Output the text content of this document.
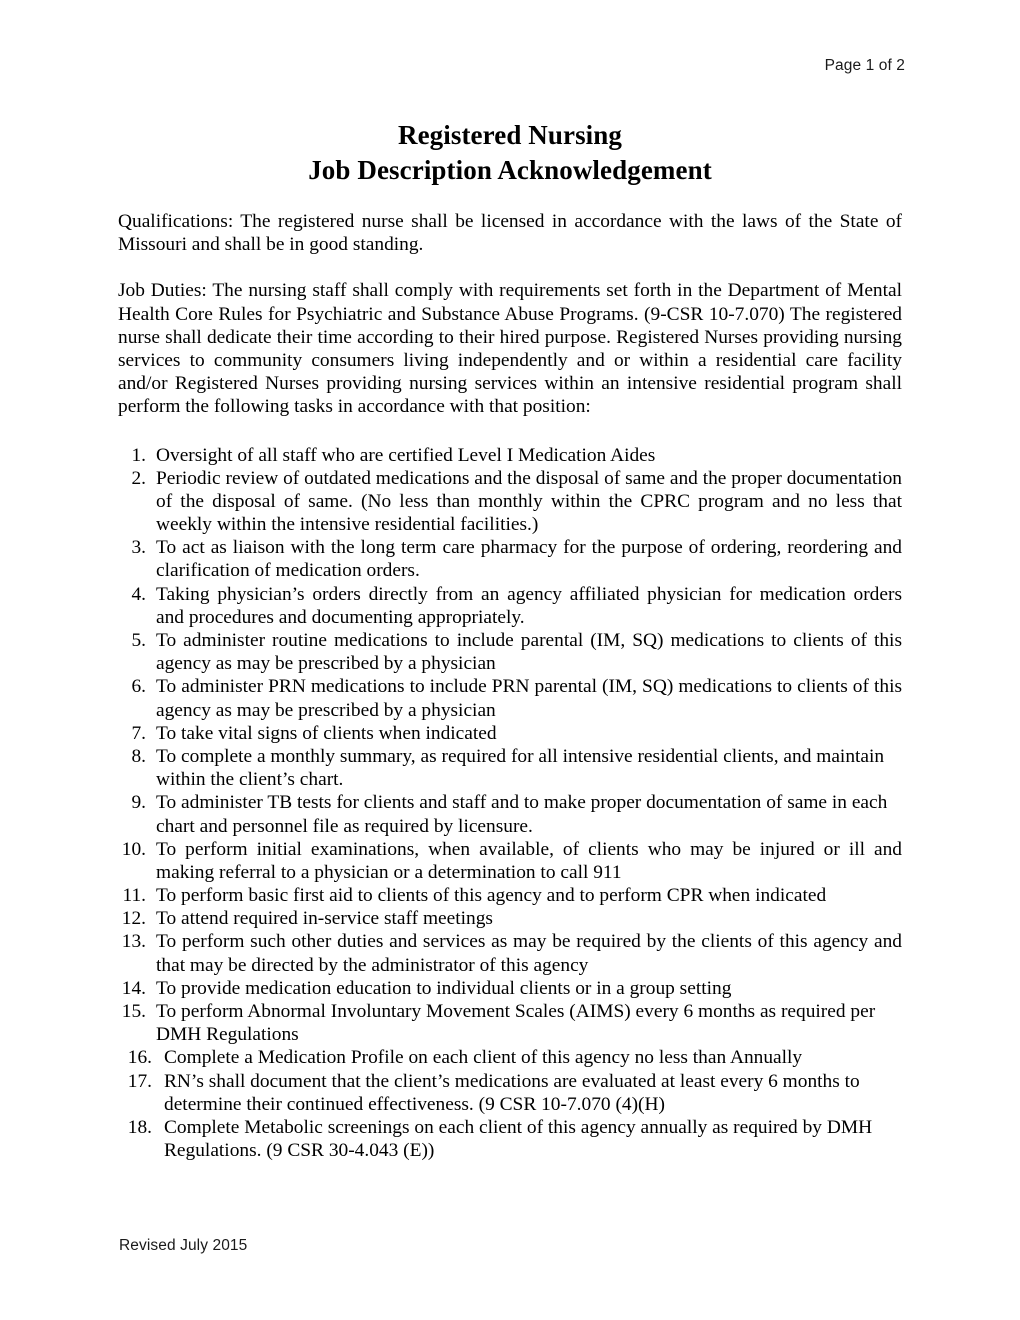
Page 1 of 2
Registered Nursing
Job Description Acknowledgement

Qualifications: The registered nurse shall be licensed in accordance with the laws of the State of Missouri and shall be in good standing.

Job Duties: The nursing staff shall comply with requirements set forth in the Department of Mental Health Core Rules for Psychiatric and Substance Abuse Programs. (9-CSR 10-7.070) The registered nurse shall dedicate their time according to their hired purpose. Registered Nurses providing nursing services to community consumers living independently and or within a residential care facility and/or Registered Nurses providing nursing services within an intensive residential program shall perform the following tasks in accordance with that position:

1. Oversight of all staff who are certified Level I Medication Aides
2. Periodic review of outdated medications and the disposal of same and the proper documentation of the disposal of same. (No less than monthly within the CPRC program and no less that weekly within the intensive residential facilities.)
3. To act as liaison with the long term care pharmacy for the purpose of ordering, reordering and clarification of medication orders.
4. Taking physician’s orders directly from an agency affiliated physician for medication orders and procedures and documenting appropriately.
5. To administer routine medications to include parental (IM, SQ) medications to clients of this agency as may be prescribed by a physician
6. To administer PRN medications to include PRN parental (IM, SQ) medications to clients of this agency as may be prescribed by a physician
7. To take vital signs of clients when indicated
8. To complete a monthly summary, as required for all intensive residential clients, and maintain within the client’s chart.
9. To administer TB tests for clients and staff and to make proper documentation of same in each chart and personnel file as required by licensure.
10. To perform initial examinations, when available, of clients who may be injured or ill and making referral to a physician or a determination to call 911
11. To perform basic first aid to clients of this agency and to perform CPR when indicated
12. To attend required in-service staff meetings
13. To perform such other duties and services as may be required by the clients of this agency and that may be directed by the administrator of this agency
14. To provide medication education to individual clients or in a group setting
15. To perform Abnormal Involuntary Movement Scales (AIMS) every 6 months as required per DMH Regulations
16. Complete a Medication Profile on each client of this agency no less than Annually
17. RN’s shall document that the client’s medications are evaluated at least every 6 months to determine their continued effectiveness. (9 CSR 10-7.070 (4)(H)
18. Complete Metabolic screenings on each client of this agency annually as required by DMH Regulations. (9 CSR 30-4.043 (E))
Revised July 2015
